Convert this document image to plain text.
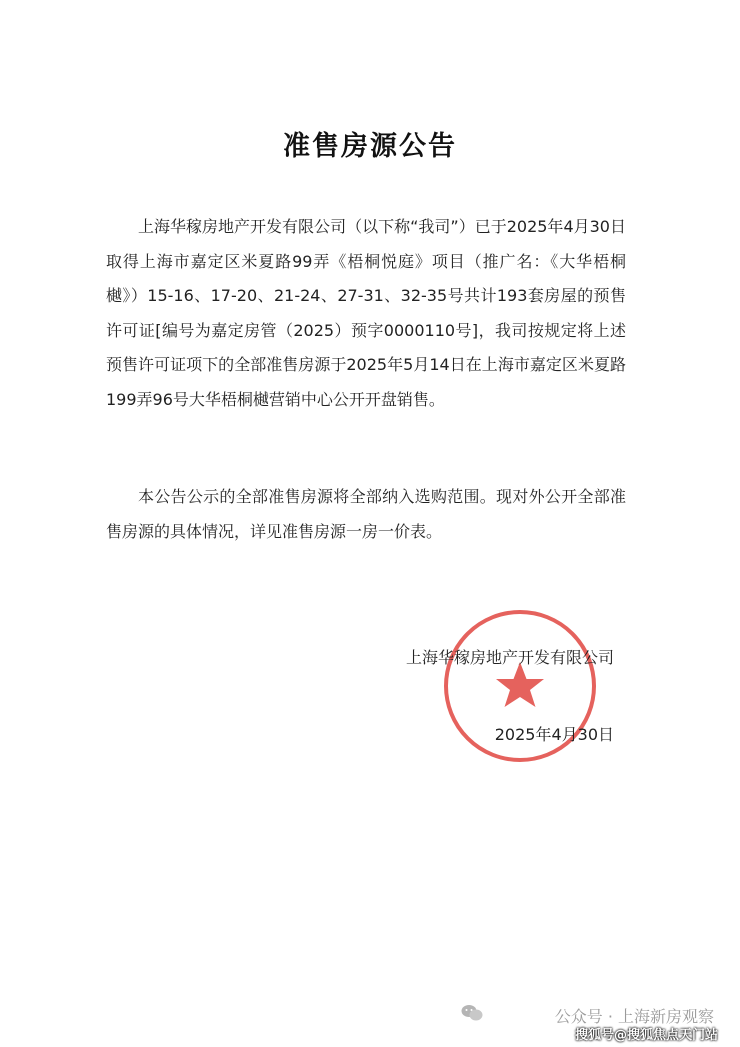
准售房源公告

上海华稼房地产开发有限公司（以下称“我司”）已于2025年4月30日取得上海市嘉定区米夏路99弄《梧桐悦庭》项目（推广名：《大华梧桐樾》）15-16、17-20、21-24、27-31、32-35号共计193套房屋的预售许可证[编号为嘉定房管（2025）预字0000110号]，我司按规定将上述预售许可证项下的全部准售房源于2025年5月14日在上海市嘉定区米夏路199弄96号大华梧桐樾营销中心公开开盘销售。

本公告公示的全部准售房源将全部纳入选购范围。现对外公开全部准售房源的具体情况，详见准售房源一房一价表。

上海华稼房地产开发有限公司
2025年4月30日
公众号 · 上海新房观察
搜狐号@搜狐焦点天门站
